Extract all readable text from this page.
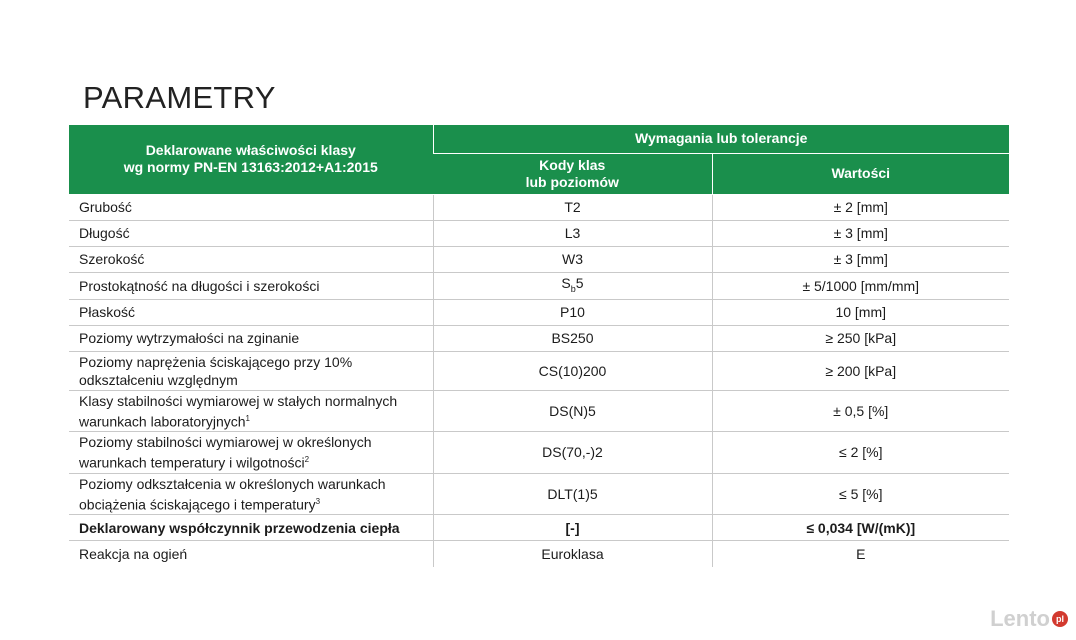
PARAMETRY
Deklarowane właściwości klasy
wg normy PN-EN 13163:2012+A1:2015	Wymagania lub tolerancje	

	Kody klas
lub poziomów	Wartości
Grubość	T2	± 2 [mm]
Długość	L3	± 3 [mm]
Szerokość	W3	± 3 [mm]
Prostokątność na długości i szerokości	$S_b5$	± 5/1000 [mm/mm]
Płaskość	P10	10 [mm]
Poziomy wytrzymałości na zginanie	BS250	≥ 250 [kPa]

Poziomy naprężenia ściskającego przy 10%
odkształceniu względnym	CS(10)200	≥ 200 [kPa]

Klasy stabilności wymiarowej w stałych normalnych
warunkach laboratoryjnych$^1$	DS(N)5	± 0,5 [%]

Poziomy stabilności wymiarowej w określonych
warunkach temperatury i wilgotności$^2$	DS(70,-)2	≤ 2 [%]

Poziomy odkształcenia w określonych warunkach
obciążenia ściskającego i temperatury$^3$	DLT(1)5	≤ 5 [%]
Deklarowany współczynnik przewodzenia ciepła	[-]	≤ 0,034 [W/(mK)]
Reakcja na ogień	Euroklasa	E
Lento pl
